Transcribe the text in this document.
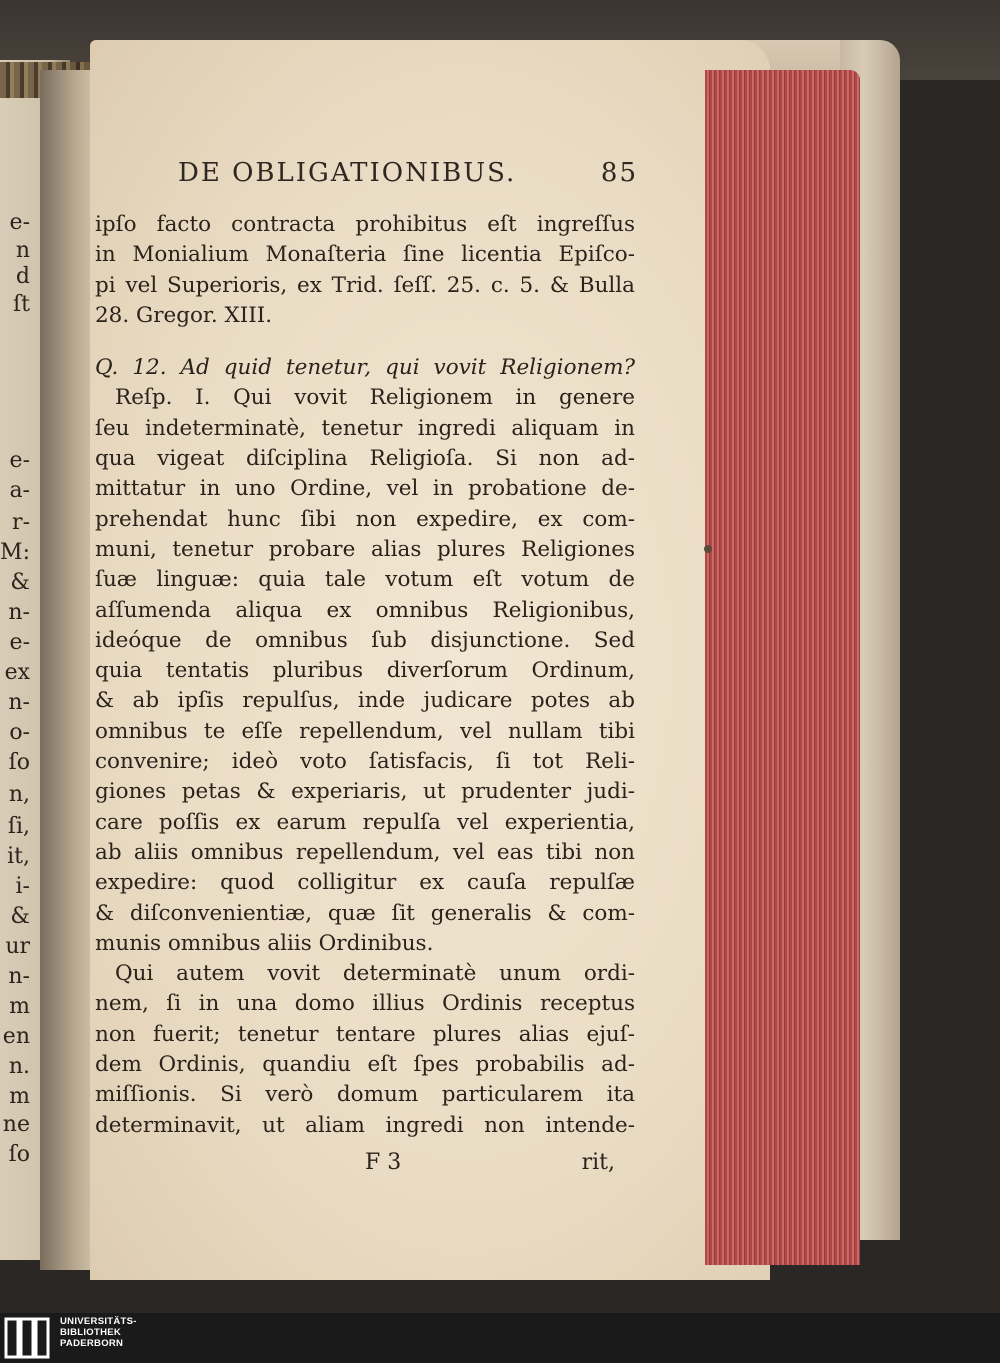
e-
n
d
ſt
e-
a-
r-
M:
&
n-
e-
ex
n-
o-
ſo
n,
ſi,
it,
i-
&
ur
n-
m
en
n.
m
ne
ſo
DE OBLIGATIONIBUS.	85
ipſo facto contracta prohibitus eſt ingreſſus
in Monialium Monaſteria ſine licentia Epiſco-
pi vel Superioris, ex Trid. ſeſſ. 25. c. 5. & Bulla
28. Gregor. XIII.
Q. 12. Ad quid tenetur, qui vovit Religionem?
Reſp. I. Qui vovit Religionem in genere
ſeu indeterminatè, tenetur ingredi aliquam in
qua vigeat diſciplina Religioſa. Si non ad-
mittatur in uno Ordine, vel in probatione de-
prehendat hunc ſibi non expedire, ex com-
muni, tenetur probare alias plures Religiones
ſuæ linguæ: quia tale votum eſt votum de
aſſumenda aliqua ex omnibus Religionibus,
ideóque de omnibus ſub disjunctione. Sed
quia tentatis pluribus diverſorum Ordinum,
& ab ipſis repulſus, inde judicare potes ab
omnibus te eſſe repellendum, vel nullam tibi
convenire; ideò voto ſatisfacis, ſi tot Reli-
giones petas & experiaris, ut prudenter judi-
care poſſis ex earum repulſa vel experientia,
ab aliis omnibus repellendum, vel eas tibi non
expedire: quod colligitur ex cauſa repulſæ
& diſconvenientiæ, quæ ſit generalis & com-
munis omnibus aliis Ordinibus.
Qui autem vovit determinatè unum ordi-
nem, ſi in una domo illius Ordinis receptus
non fuerit; tenetur tentare plures alias ejuſ-
dem Ordinis, quandiu eſt ſpes probabilis ad-
miſſionis. Si verò domum particularem ita
determinavit, ut aliam ingredi non intende-
F 3	rit,
UNIVERSITÄTS-
BIBLIOTHEK
PADERBORN
